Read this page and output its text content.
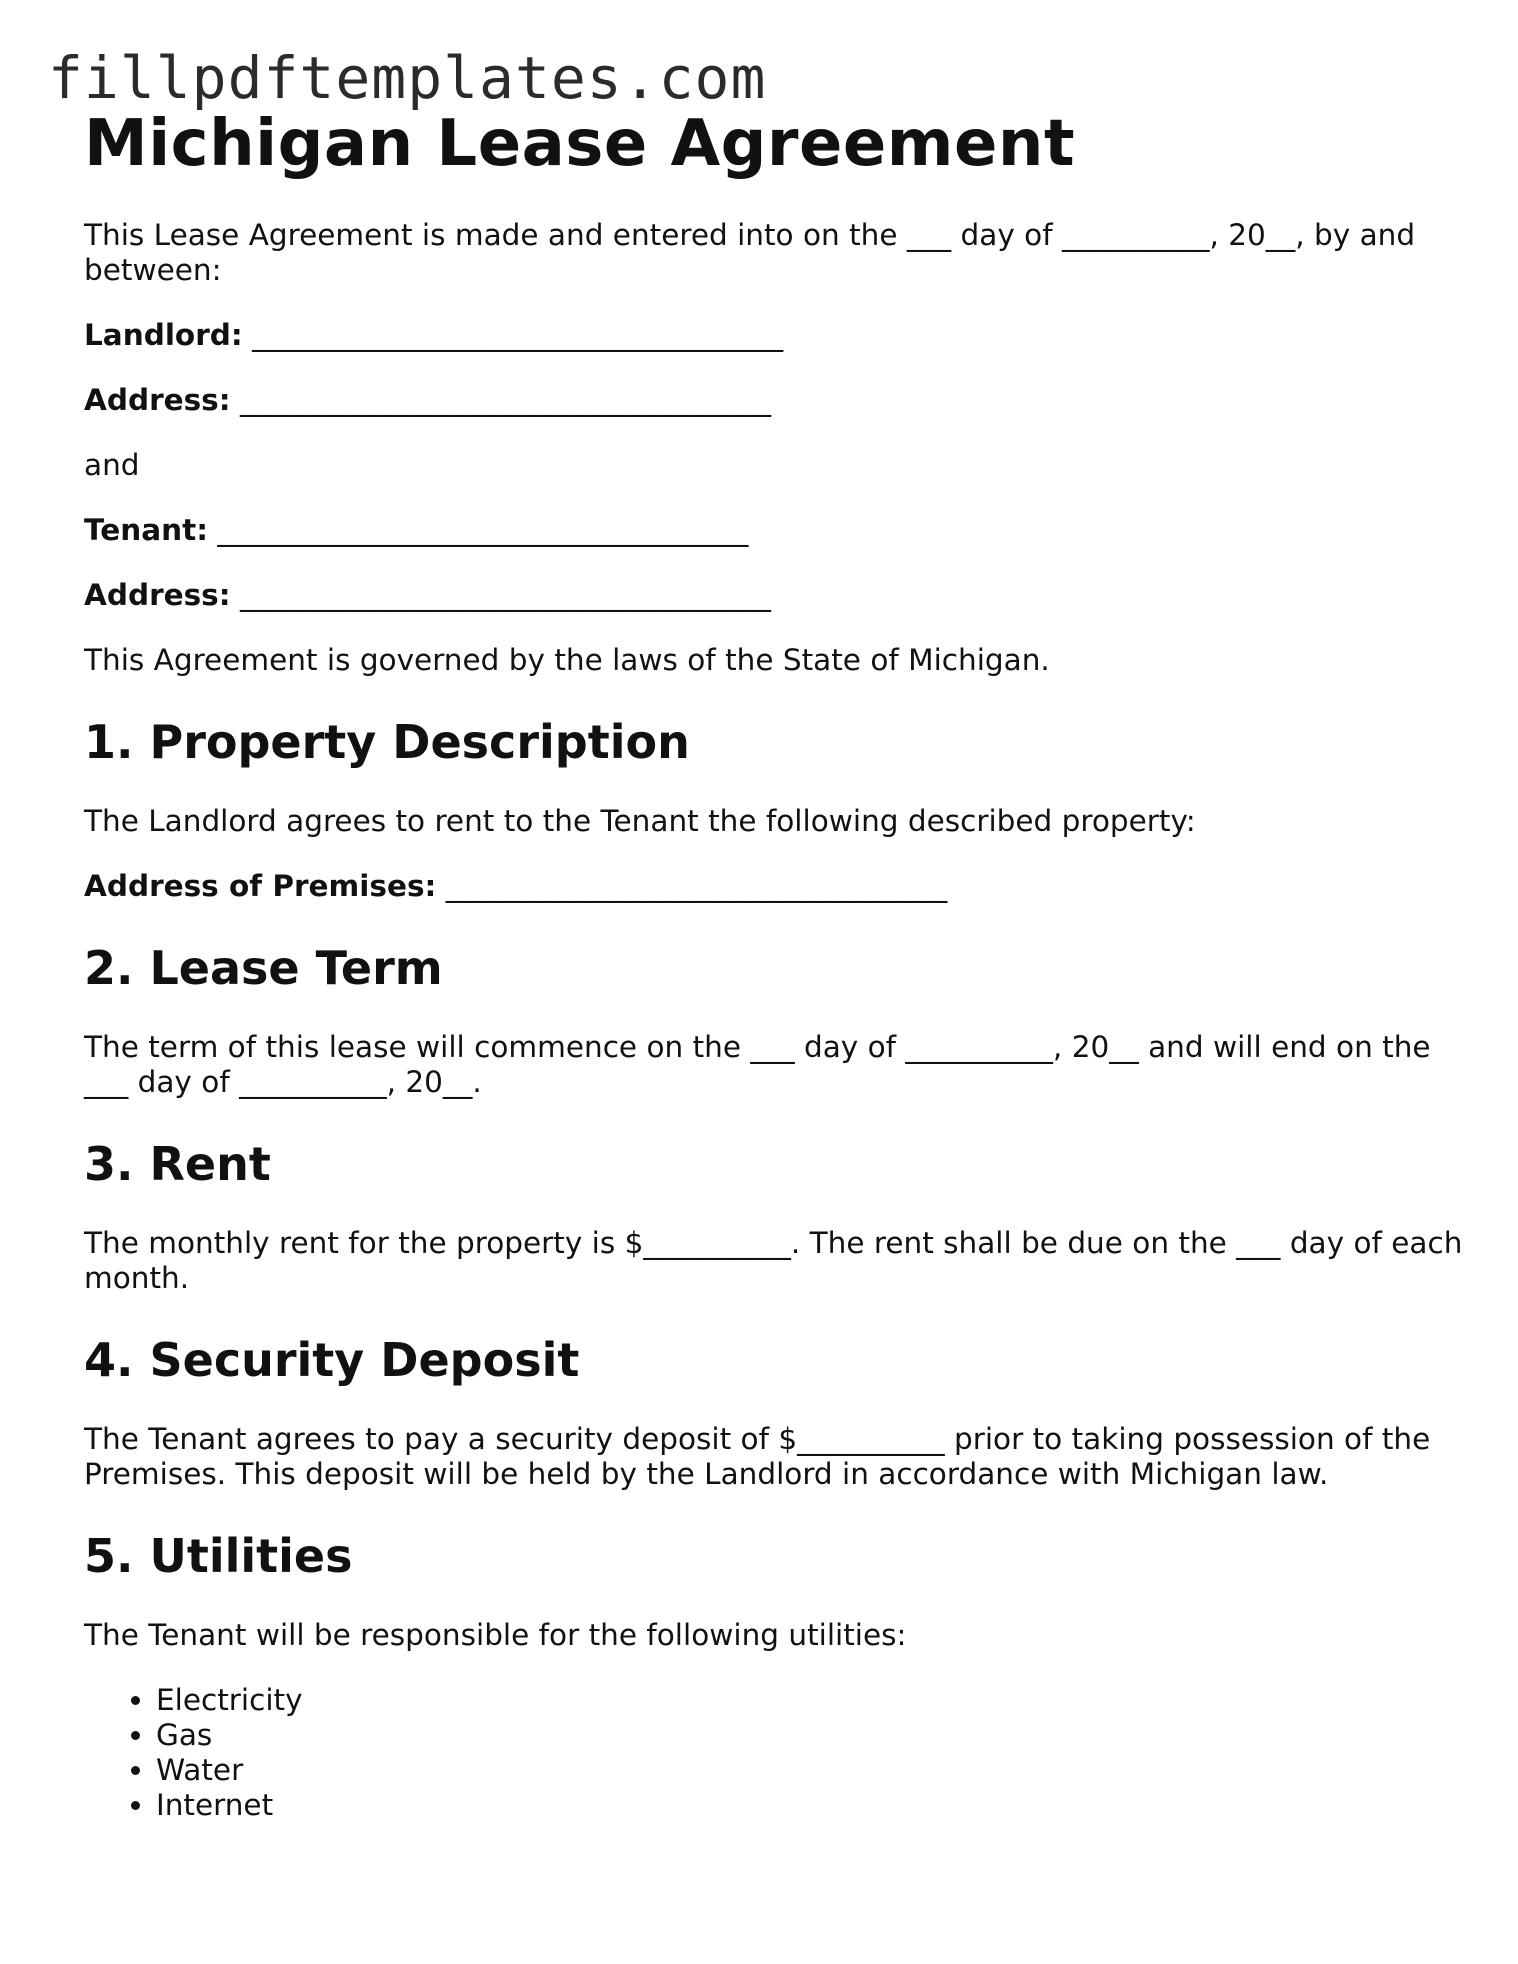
fillpdftemplates.com
Michigan Lease Agreement

This Lease Agreement is made and entered into on the ___ day of __________, 20__, by and between:

Landlord: ____________________________________

Address: ____________________________________

and

Tenant: ____________________________________

Address: ____________________________________

This Agreement is governed by the laws of the State of Michigan.

1. Property Description

The Landlord agrees to rent to the Tenant the following described property:

Address of Premises: __________________________________

2. Lease Term

The term of this lease will commence on the ___ day of __________, 20__ and will end on the ___ day of __________, 20__.

3. Rent

The monthly rent for the property is $__________. The rent shall be due on the ___ day of each month.

4. Security Deposit

The Tenant agrees to pay a security deposit of $__________ prior to taking possession of the Premises. This deposit will be held by the Landlord in accordance with Michigan law.

5. Utilities

The Tenant will be responsible for the following utilities:

• Electricity
• Gas
• Water
• Internet
